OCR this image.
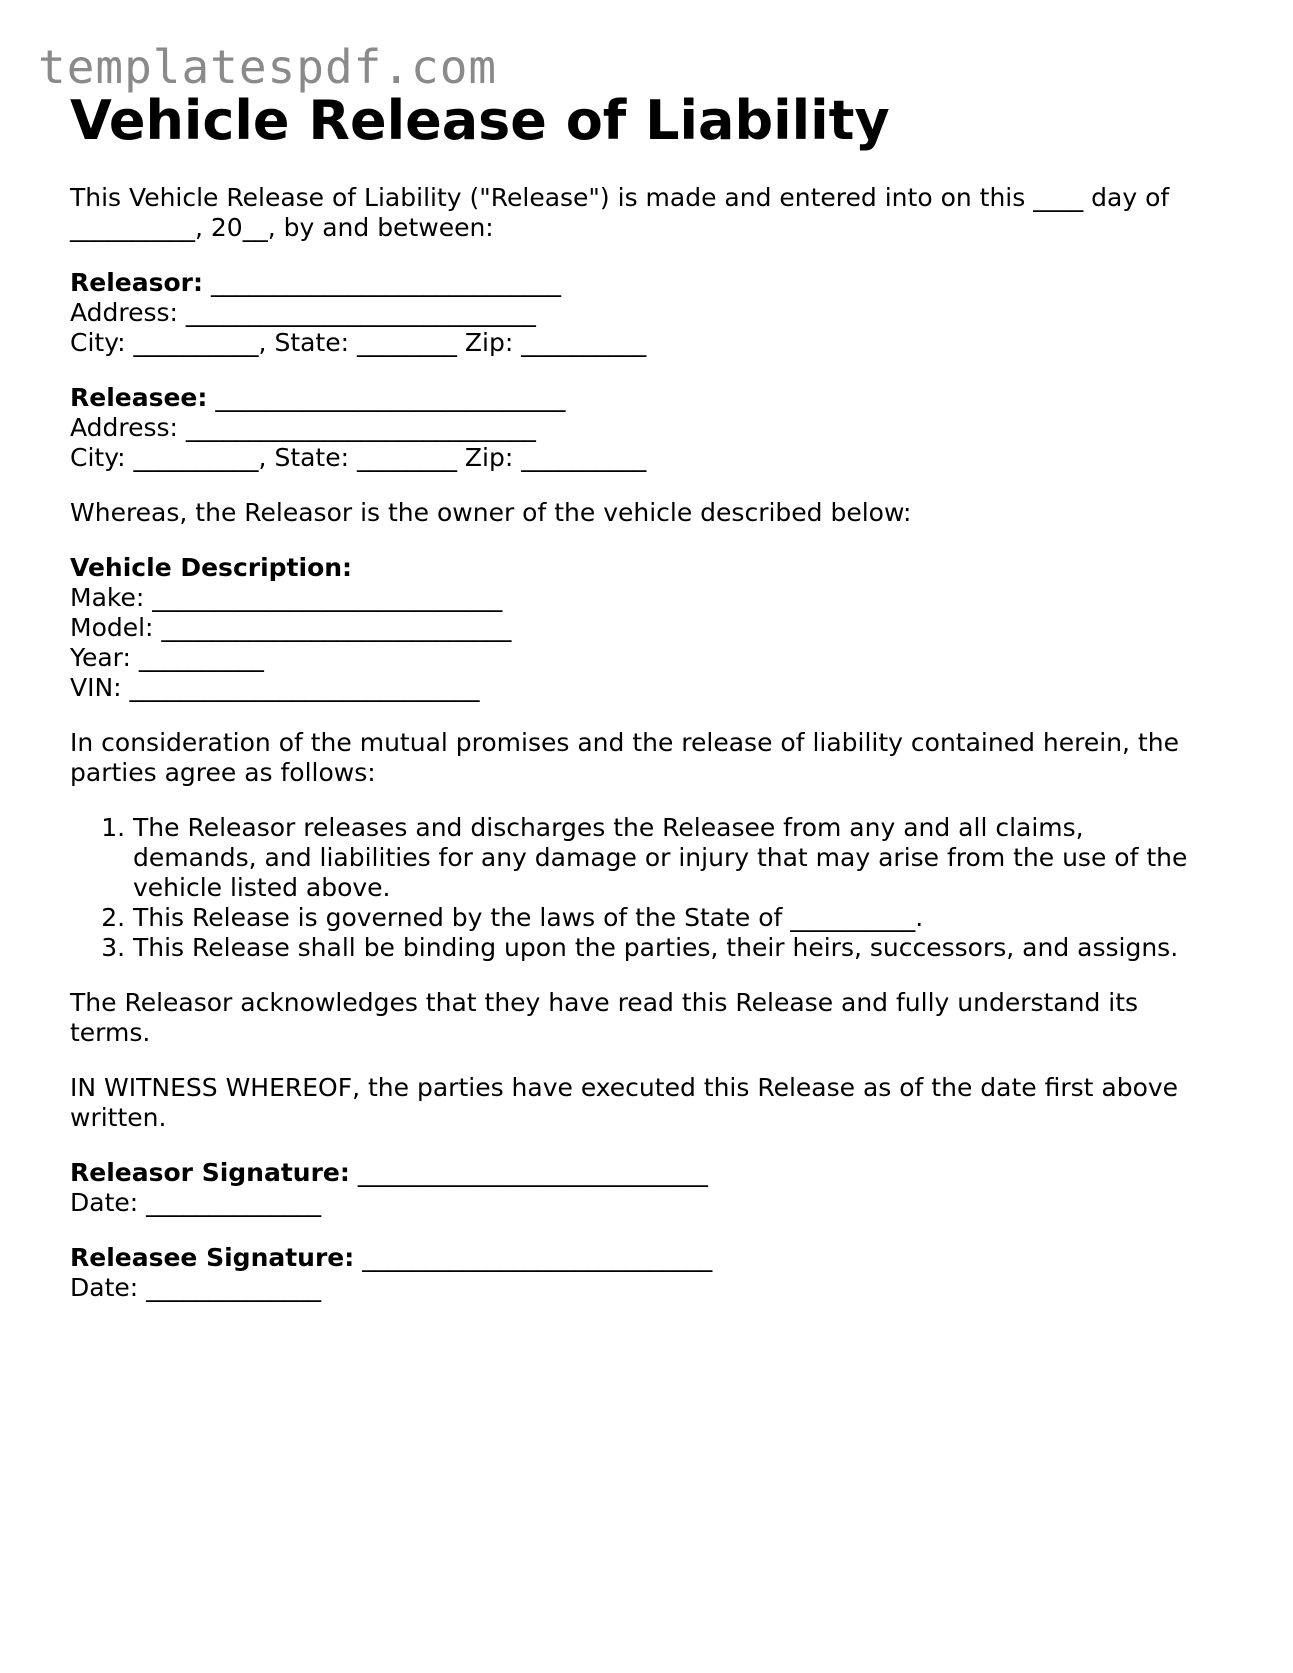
templatespdf.com
Vehicle Release of Liability

This Vehicle Release of Liability ("Release") is made and entered into on this ____ day of
__________, 20__, by and between:

Releasor: ____________________________
Address: ____________________________
City: __________, State: ________ Zip: __________

Releasee: ____________________________
Address: ____________________________
City: __________, State: ________ Zip: __________

Whereas, the Releasor is the owner of the vehicle described below:

Vehicle Description:
Make: ____________________________
Model: ____________________________
Year: __________
VIN: ____________________________

In consideration of the mutual promises and the release of liability contained herein, the
parties agree as follows:

1. The Releasor releases and discharges the Releasee from any and all claims,
demands, and liabilities for any damage or injury that may arise from the use of the
vehicle listed above.
2. This Release is governed by the laws of the State of __________.
3. This Release shall be binding upon the parties, their heirs, successors, and assigns.

The Releasor acknowledges that they have read this Release and fully understand its
terms.

IN WITNESS WHEREOF, the parties have executed this Release as of the date first above
written.

Releasor Signature: ____________________________
Date: ______________

Releasee Signature: ____________________________
Date: ______________
